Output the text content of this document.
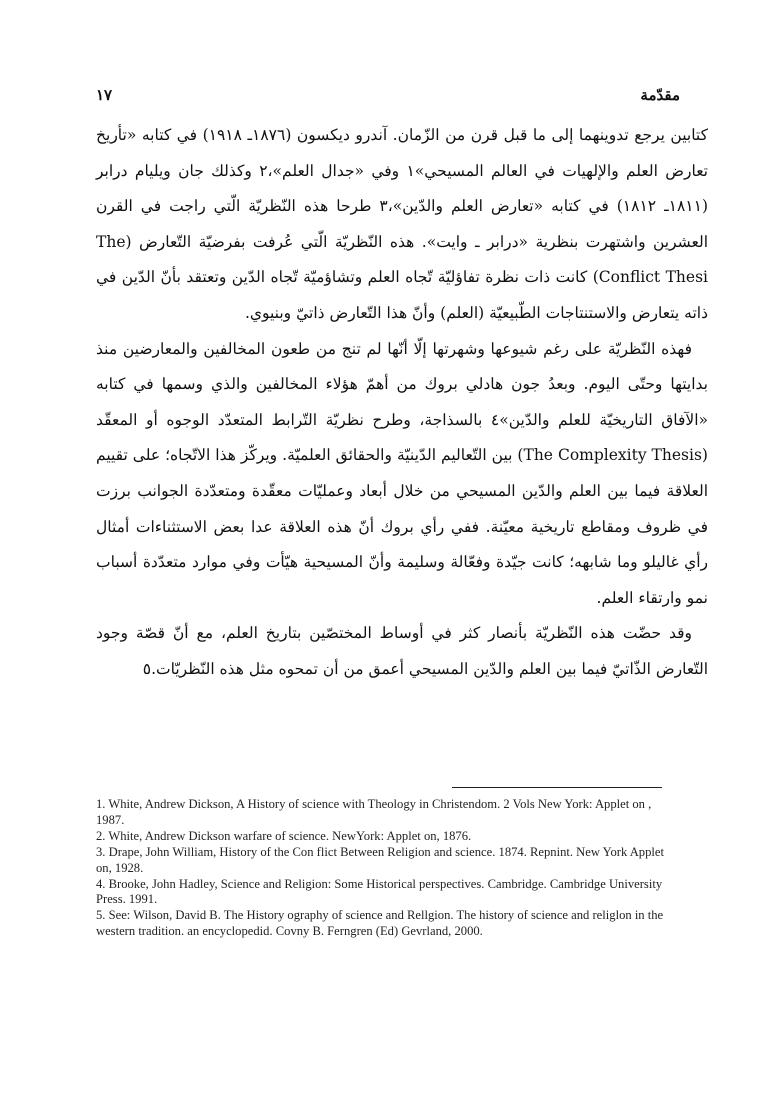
مقدّمة
١٧

كتابين يرجع تدوينهما إلى ما قبل قرن من الزّمان. آندرو ديكسون (١٨٧٦ـ ١٩١٨) في كتابه «تأريخ تعارض العلم والإلهيات في العالم المسيحي»١ وفي «جدال العلم»،٢ وكذلك جان ويليام درابر (١٨١١ـ ١٨١٢) في كتابه «تعارض العلم والدّين»،٣ طرحا هذه النّظريّة الّتي راجت في القرن العشرين واشتهرت بنظرية «درابر ـ وايت». هذه النّظريّة الّتي عُرفت بفرضيّة التّعارض (The Conflict Thesi) كانت ذات نظرة تفاؤليّة تّجاه العلم وتشاؤميّة تّجاه الدّين وتعتقد بأنّ الدّين في ذاته يتعارض والاستنتاجات الطّبيعيّة (العلم) وأنّ هذا التّعارض ذاتيّ وبنيوي.

فهذه النّظريّة على رغم شيوعها وشهرتها إلّا أنّها لم تنج من طعون المخالفين والمعارضين منذ بدايتها وحتّى اليوم. وبعدُ جون هادلي بروك من أهمّ هؤلاء المخالفين والذي وسمها في كتابه «الآفاق التاريخيّة للعلم والدّين»٤ بالسذاجة، وطرح نظريّة التّرابط المتعدّد الوجوه أو المعقّد (The Complexity Thesis) بين التّعاليم الدّينيّة والحقائق العلميّة. ويركّز هذا الاتّجاه؛ على تقييم العلاقة فيما بين العلم والدّين المسيحي من خلال أبعاد وعمليّات معقّدة ومتعدّدة الجوانب برزت في ظروف ومقاطع تاريخية معيّنة. ففي رأي بروك أنّ هذه العلاقة عدا بعض الاستثناءات أمثال رأي غاليلو وما شابهه؛ كانت جيّدة وفعّالة وسليمة وأنّ المسيحية هيّأت وفي موارد متعدّدة أسباب نمو وارتقاء العلم.

وقد حضّت هذه النّظريّة بأنصار كثر في أوساط المختصّين بتاريخ العلم، مع أنّ قصّة وجود التّعارض الذّاتيّ فيما بين العلم والدّين المسيحي أعمق من أن تمحوه مثل هذه النّظريّات.٥

1. White, Andrew Dickson, A History of science with Theology in Christendom. 2 Vols New York: Applet on , 1987.

2. White, Andrew Dickson warfare of science. NewYork: Applet on, 1876.

3. Drape, John William, History of the Con flict Between Religion and science. 1874. Repnint. New York Applet on, 1928.

4. Brooke, John Hadley, Science and Religion: Some Historical perspectives. Cambridge. Cambridge University Press. 1991.

5. See: Wilson, David B. The History ography of science and Rellgion. The history of science and religlon in the western tradition. an encyclopedid. Covny B. Ferngren (Ed) Gevrland, 2000.
